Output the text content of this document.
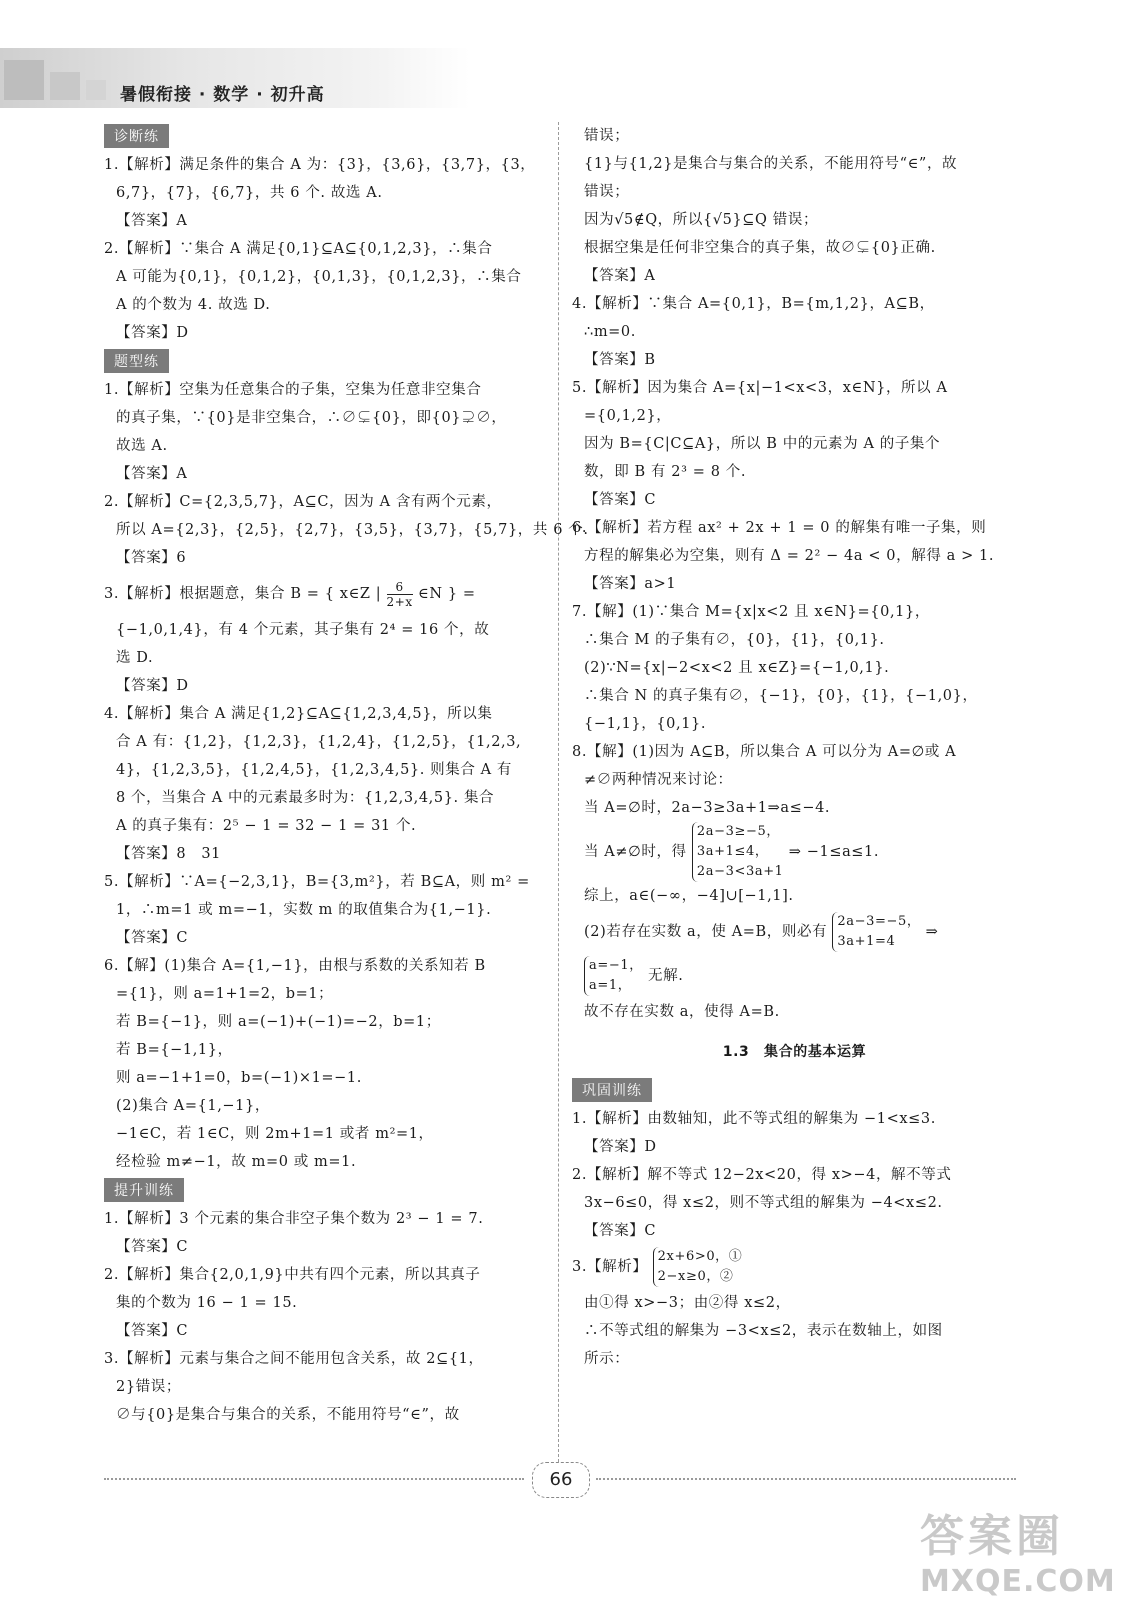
暑假衔接 · 数学 · 初升高
诊断练
1.【解析】满足条件的集合 A 为：{3}，{3,6}，{3,7}，{3，
6,7}，{7}，{6,7}，共 6 个. 故选 A.
【答案】A
2.【解析】∵集合 A 满足{0,1}⊆A⊆{0,1,2,3}，∴集合
A 可能为{0,1}，{0,1,2}，{0,1,3}，{0,1,2,3}，∴集合
A 的个数为 4. 故选 D.
【答案】D
题型练
1.【解析】空集为任意集合的子集，空集为任意非空集合
的真子集，∵{0}是非空集合，∴∅⊊{0}，即{0}⊋∅，
故选 A.
【答案】A
2.【解析】C={2,3,5,7}，A⊆C，因为 A 含有两个元素，
所以 A={2,3}，{2,5}，{2,7}，{3,5}，{3,7}，{5,7}，共 6 个.
【答案】6
3.【解析】根据题意，集合 B = { x∈Z | $\frac{6}{2+x}$ ∈N } =
{−1,0,1,4}，有 4 个元素，其子集有 2⁴ = 16 个，故
选 D.
【答案】D
4.【解析】集合 A 满足{1,2}⊆A⊆{1,2,3,4,5}，所以集
合 A 有：{1,2}，{1,2,3}，{1,2,4}，{1,2,5}，{1,2,3,
4}，{1,2,3,5}，{1,2,4,5}，{1,2,3,4,5}. 则集合 A 有
8 个，当集合 A 中的元素最多时为：{1,2,3,4,5}. 集合
A 的真子集有：2⁵ − 1 = 32 − 1 = 31 个.
【答案】8　31
5.【解析】∵A={−2,3,1}，B={3,m²}，若 B⊆A，则 m² =
1，∴m=1 或 m=−1，实数 m 的取值集合为{1,−1}.
【答案】C
6.【解】(1)集合 A={1,−1}，由根与系数的关系知若 B
={1}，则 a=1+1=2，b=1；
若 B={−1}，则 a=(−1)+(−1)=−2，b=1；
若 B={−1,1}，
则 a=−1+1=0，b=(−1)×1=−1.
(2)集合 A={1,−1}，
−1∈C，若 1∈C，则 2m+1=1 或者 m²=1，
经检验 m≠−1，故 m=0 或 m=1.
提升训练
1.【解析】3 个元素的集合非空子集个数为 2³ − 1 = 7.
【答案】C
2.【解析】集合{2,0,1,9}中共有四个元素，所以其真子
集的个数为 16 − 1 = 15.
【答案】C
3.【解析】元素与集合之间不能用包含关系，故 2⊆{1，
2}错误；
∅与{0}是集合与集合的关系，不能用符号“∈”，故
错误；
{1}与{1,2}是集合与集合的关系，不能用符号“∈”，故
错误；
因为√5∉Q，所以{√5}⊆Q 错误；
根据空集是任何非空集合的真子集，故∅⊊{0}正确.
【答案】A
4.【解析】∵集合 A={0,1}，B={m,1,2}，A⊆B，
∴m=0.
【答案】B
5.【解析】因为集合 A={x|−1<x<3，x∈N}，所以 A
={0,1,2}，
因为 B={C|C⊆A}，所以 B 中的元素为 A 的子集个
数，即 B 有 2³ = 8 个.
【答案】C
6.【解析】若方程 ax² + 2x + 1 = 0 的解集有唯一子集，则
方程的解集必为空集，则有 Δ = 2² − 4a < 0，解得 a > 1.
【答案】a>1
7.【解】(1)∵集合 M={x|x<2 且 x∈N}={0,1}，
∴集合 M 的子集有∅，{0}，{1}，{0,1}.
(2)∵N={x|−2<x<2 且 x∈Z}={−1,0,1}.
∴集合 N 的真子集有∅，{−1}，{0}，{1}，{−1,0}，
{−1,1}，{0,1}.
8.【解】(1)因为 A⊆B，所以集合 A 可以分为 A=∅或 A
≠∅两种情况来讨论：
当 A=∅时，2a−3≥3a+1⇒a≤−4.
当 A≠∅时，得
2a−3≥−5，
3a+1≤4，
2a−3<3a+1
⇒ −1≤a≤1.
综上，a∈(−∞，−4]∪[−1,1].
(2)若存在实数 a，使 A=B，则必有
2a−3=−5，
3a+1=4
⇒
a=−1，
a=1，
无解.
故不存在实数 a，使得 A=B.
1.3　集合的基本运算
巩固训练
1.【解析】由数轴知，此不等式组的解集为 −1<x≤3.
【答案】D
2.【解析】解不等式 12−2x<20，得 x>−4，解不等式
3x−6≤0，得 x≤2，则不等式组的解集为 −4<x≤2.
【答案】C
3.【解析】
2x+6>0，①
2−x≥0，②
由①得 x>−3；由②得 x≤2，
∴不等式组的解集为 −3<x≤2，表示在数轴上，如图
所示：
66
答案圈
MXQE.COM
